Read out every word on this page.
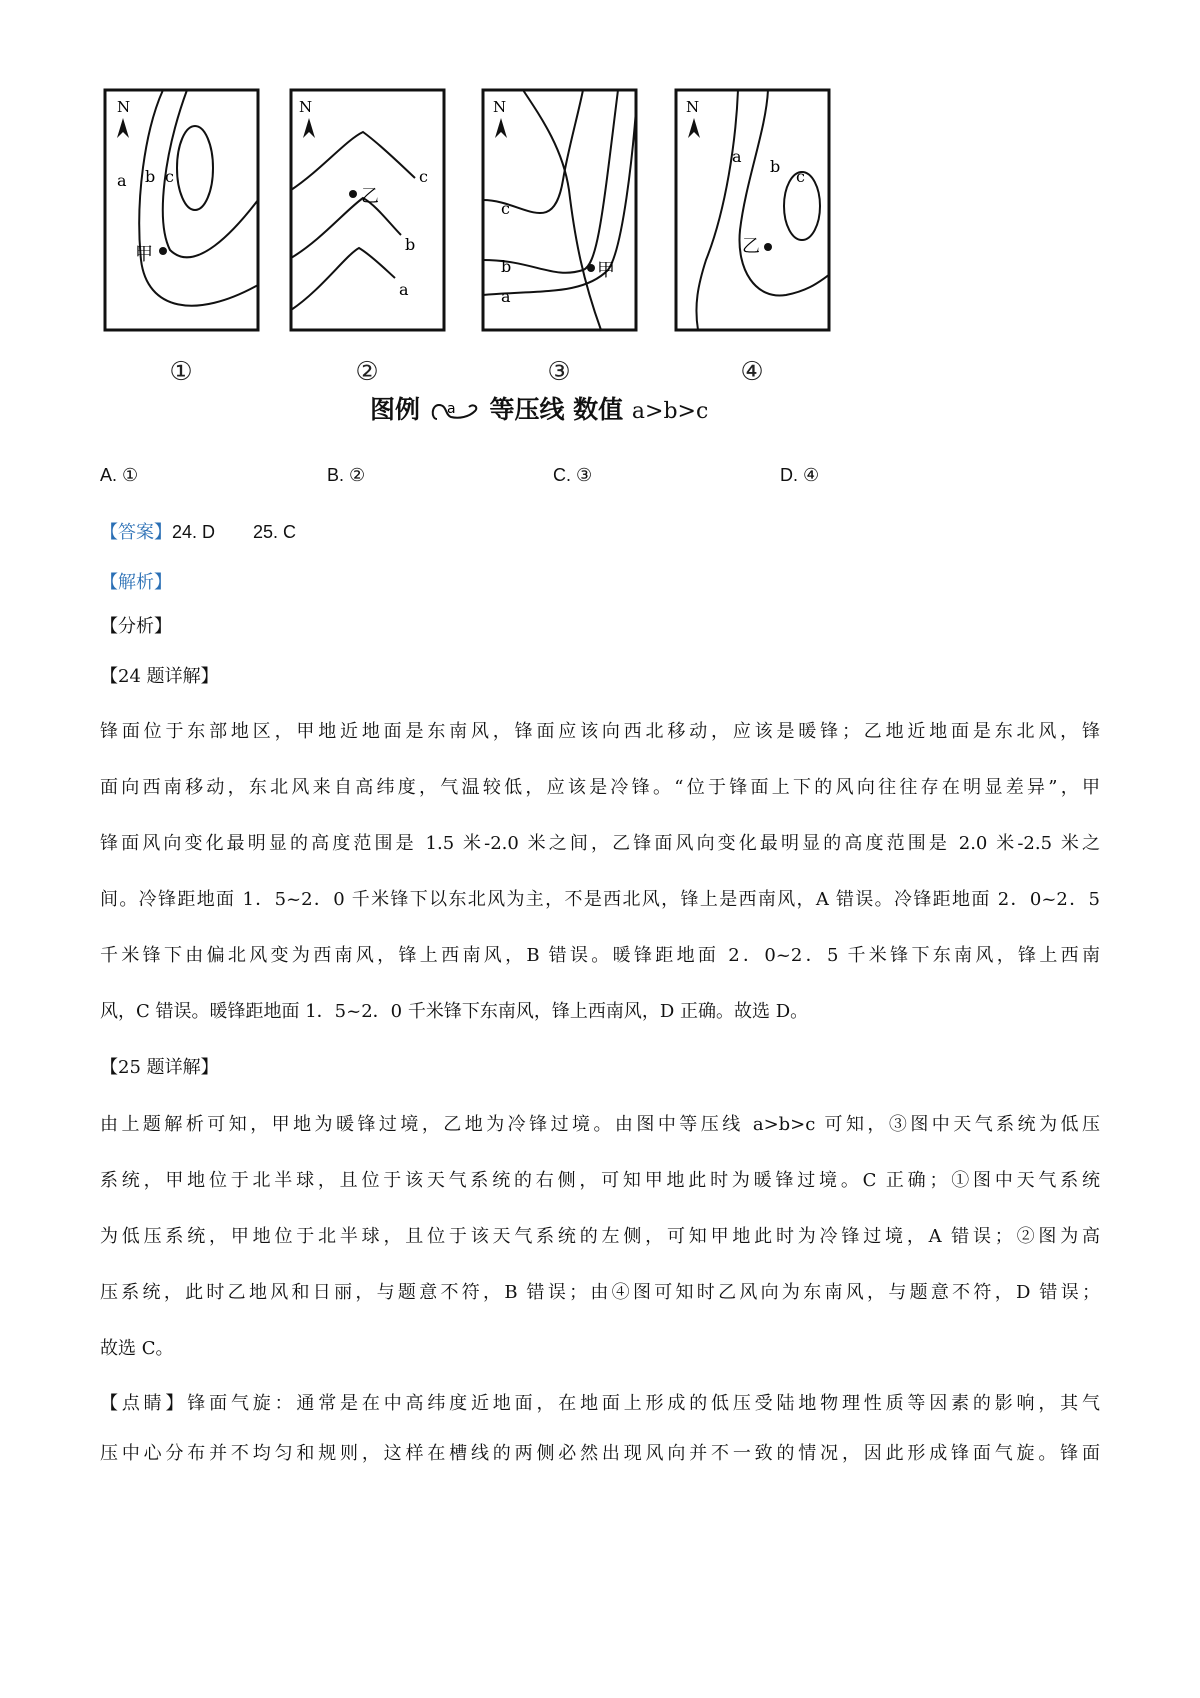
N
a b c
甲
①
N
c
b
a
乙
②
N
c
b
a
甲
③
N
a
b
c
乙
④
图例 a 等压线 数值 a>b>c
A. ①	B. ②	C. ③	D. ④
【答案】24. D 25. C
【解析】
【分析】
【24 题详解】
锋面位于东部地区，甲地近地面是东南风，锋面应该向西北移动，应该是暖锋；乙地近地面是东北风，锋
面向西南移动，东北风来自高纬度，气温较低，应该是冷锋。“位于锋面上下的风向往往存在明显差异”，甲
锋面风向变化最明显的高度范围是 1.5 米-2.0 米之间，乙锋面风向变化最明显的高度范围是 2.0 米-2.5 米之
间。冷锋距地面 1．5~2．0 千米锋下以东北风为主，不是西北风，锋上是西南风，A 错误。冷锋距地面 2．0~2．5
千米锋下由偏北风变为西南风，锋上西南风，B 错误。暖锋距地面 2．0~2．5 千米锋下东南风，锋上西南
风，C 错误。暖锋距地面 1．5~2．0 千米锋下东南风，锋上西南风，D 正确。故选 D。
【25 题详解】
由上题解析可知，甲地为暖锋过境，乙地为冷锋过境。由图中等压线 a>b>c 可知，③图中天气系统为低压
系统，甲地位于北半球，且位于该天气系统的右侧，可知甲地此时为暖锋过境。C 正确；①图中天气系统
为低压系统，甲地位于北半球，且位于该天气系统的左侧，可知甲地此时为冷锋过境，A 错误；②图为高
压系统，此时乙地风和日丽，与题意不符，B 错误；由④图可知时乙风向为东南风，与题意不符，D 错误；
故选 C。
【点睛】锋面气旋：通常是在中高纬度近地面，在地面上形成的低压受陆地物理性质等因素的影响，其气
压中心分布并不均匀和规则，这样在槽线的两侧必然出现风向并不一致的情况，因此形成锋面气旋。锋面
